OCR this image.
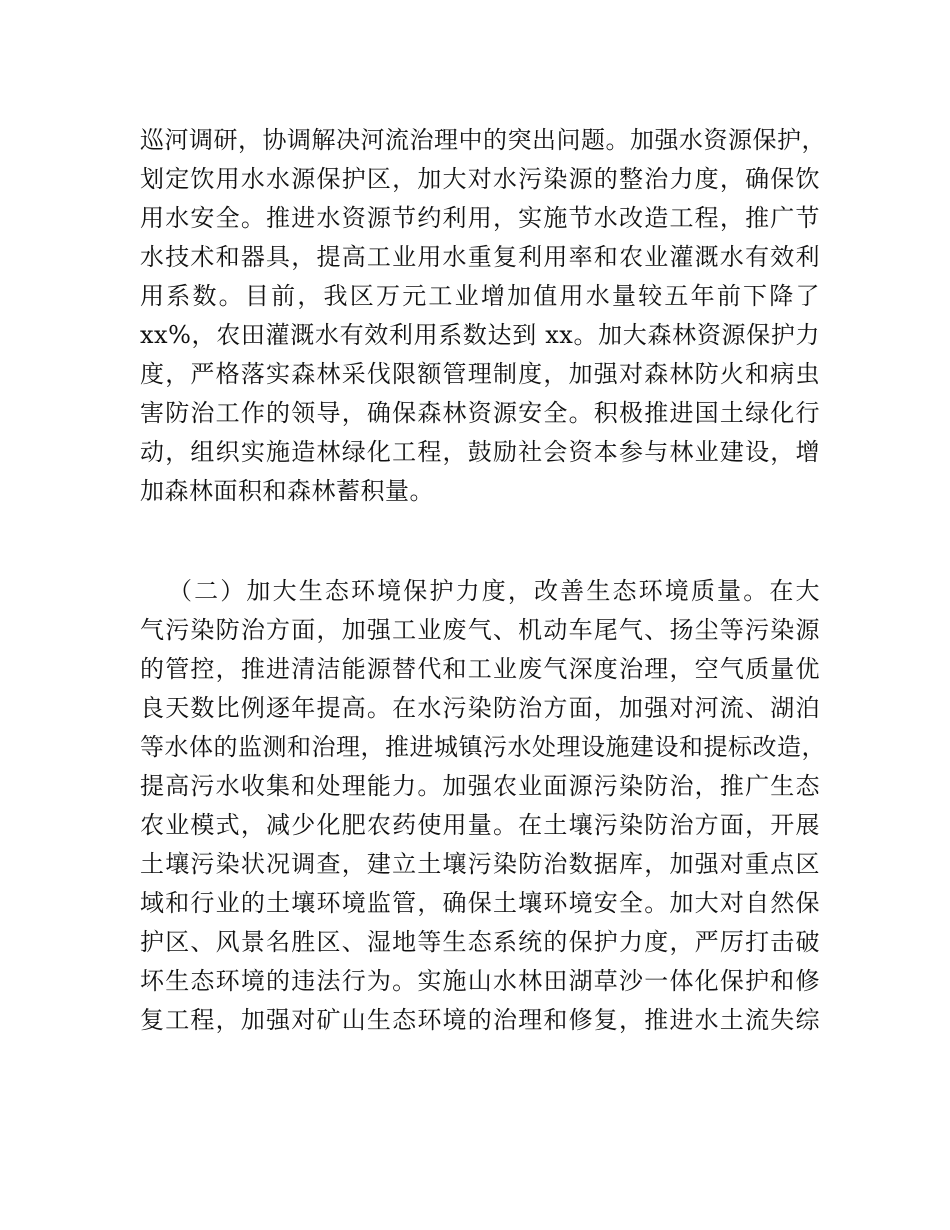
巡河调研，协调解决河流治理中的突出问题。加强水资源保护，
划定饮用水水源保护区，加大对水污染源的整治力度，确保饮
用水安全。推进水资源节约利用，实施节水改造工程，推广节
水技术和器具，提高工业用水重复利用率和农业灌溉水有效利
用系数。目前，我区万元工业增加值用水量较五年前下降了
xx%，农田灌溉水有效利用系数达到 xx。加大森林资源保护力
度，严格落实森林采伐限额管理制度，加强对森林防火和病虫
害防治工作的领导，确保森林资源安全。积极推进国土绿化行
动，组织实施造林绿化工程，鼓励社会资本参与林业建设，增
加森林面积和森林蓄积量。
（二）加大生态环境保护力度，改善生态环境质量。在大
气污染防治方面，加强工业废气、机动车尾气、扬尘等污染源
的管控，推进清洁能源替代和工业废气深度治理，空气质量优
良天数比例逐年提高。在水污染防治方面，加强对河流、湖泊
等水体的监测和治理，推进城镇污水处理设施建设和提标改造，
提高污水收集和处理能力。加强农业面源污染防治，推广生态
农业模式，减少化肥农药使用量。在土壤污染防治方面，开展
土壤污染状况调查，建立土壤污染防治数据库，加强对重点区
域和行业的土壤环境监管，确保土壤环境安全。加大对自然保
护区、风景名胜区、湿地等生态系统的保护力度，严厉打击破
坏生态环境的违法行为。实施山水林田湖草沙一体化保护和修
复工程，加强对矿山生态环境的治理和修复，推进水土流失综
